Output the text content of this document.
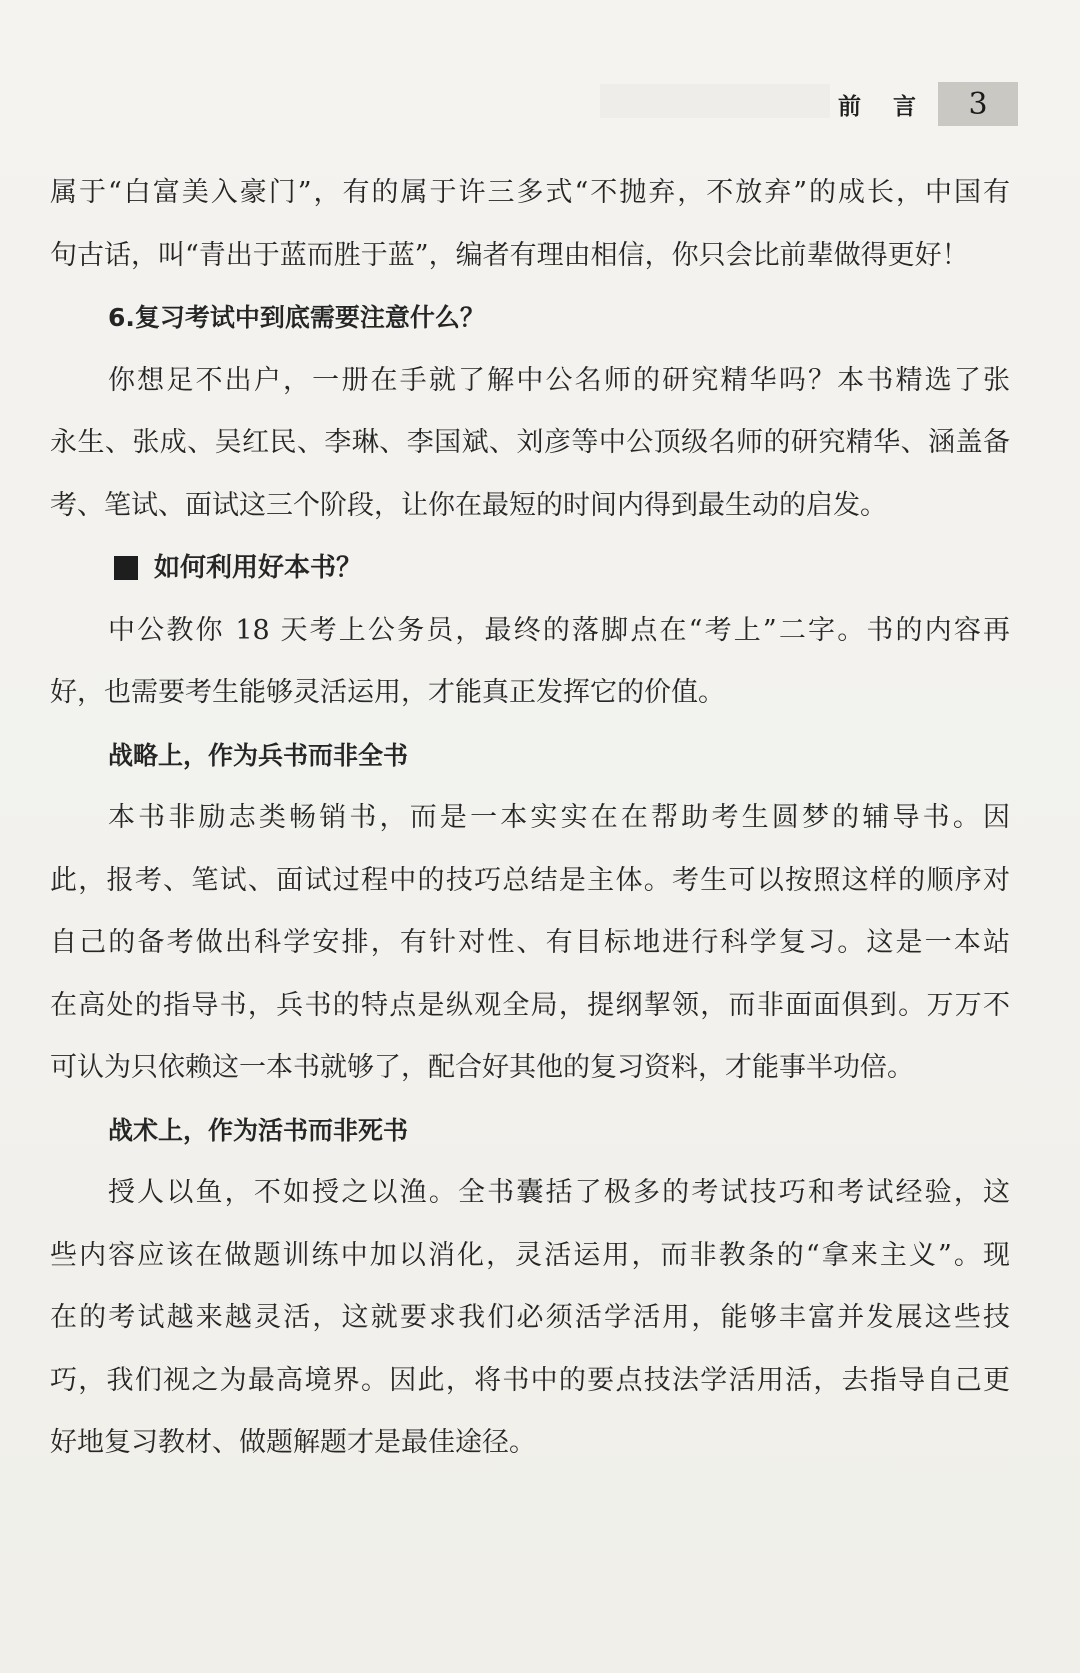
前 言 3
属于“白富美入豪门”，有的属于许三多式“不抛弃，不放弃”的成长，中国有
句古话，叫“青出于蓝而胜于蓝”，编者有理由相信，你只会比前辈做得更好！
6.复习考试中到底需要注意什么？
你想足不出户，一册在手就了解中公名师的研究精华吗？本书精选了张
永生、张成、吴红民、李琳、李国斌、刘彦等中公顶级名师的研究精华、涵盖备
考、笔试、面试这三个阶段，让你在最短的时间内得到最生动的启发。
如何利用好本书？
中公教你 18 天考上公务员，最终的落脚点在“考上”二字。书的内容再
好，也需要考生能够灵活运用，才能真正发挥它的价值。
战略上，作为兵书而非全书
本书非励志类畅销书，而是一本实实在在帮助考生圆梦的辅导书。因
此，报考、笔试、面试过程中的技巧总结是主体。考生可以按照这样的顺序对
自己的备考做出科学安排，有针对性、有目标地进行科学复习。这是一本站
在高处的指导书，兵书的特点是纵观全局，提纲挈领，而非面面俱到。万万不
可认为只依赖这一本书就够了，配合好其他的复习资料，才能事半功倍。
战术上，作为活书而非死书
授人以鱼，不如授之以渔。全书囊括了极多的考试技巧和考试经验，这
些内容应该在做题训练中加以消化，灵活运用，而非教条的“拿来主义”。现
在的考试越来越灵活，这就要求我们必须活学活用，能够丰富并发展这些技
巧，我们视之为最高境界。因此，将书中的要点技法学活用活，去指导自己更
好地复习教材、做题解题才是最佳途径。
